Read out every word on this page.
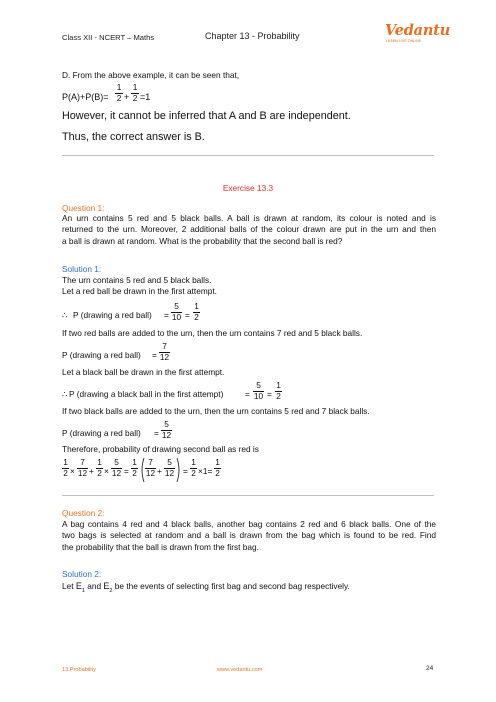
Class XII - NCERT – Maths	Chapter 13 - Probability	Vedantu
LEARN LIVE ONLINE
D. From the above example, it can be seen that,
P(A)+P(B)=
1
2 +
1
2 =1
However, it cannot be inferred that A and B are independent.
Thus, the correct answer is B.
Exercise 13.3
Question 1:
An urn contains 5 red and 5 black balls. A ball is drawn at random, its colour is noted and is
returned to the urn. Moreover, 2 additional balls of the colour drawn are put in the urn and then
a ball is drawn at random. What is the probability that the second ball is red?
Solution 1:
The urn contains 5 red and 5 black balls.
Let a red ball be drawn in the first attempt.
∴ P (drawing a red ball) =
5
10 =
1
2
If two red balls are added to the urn, then the urn contains 7 red and 5 black balls.
P (drawing a red ball) =
7
12
Let a black ball be drawn in the first attempt.
∴ P (drawing a black ball in the first attempt)	=
5
10 =
1
2
If two black balls are added to the urn, then the urn contains 5 red and 7 black balls.
P (drawing a red ball) =
5
12
Therefore, probability of drawing second ball as red is
1
2 ×
7
12 +
1
2 ×
5
12 =
1
2
7
12 +
5
12 =
1
2 ×1=
1
2
Question 2:
A bag contains 4 red and 4 black balls, another bag contains 2 red and 6 black balls. One of the
two bags is selected at random and a ball is drawn from the bag which is found to be red. Find
the probability that the ball is drawn from the first bag.
Solution 2:
Let $E_1$ and $E_2$ be the events of selecting first bag and second bag respectively.
13.Probability	www.vedantu.com	24
